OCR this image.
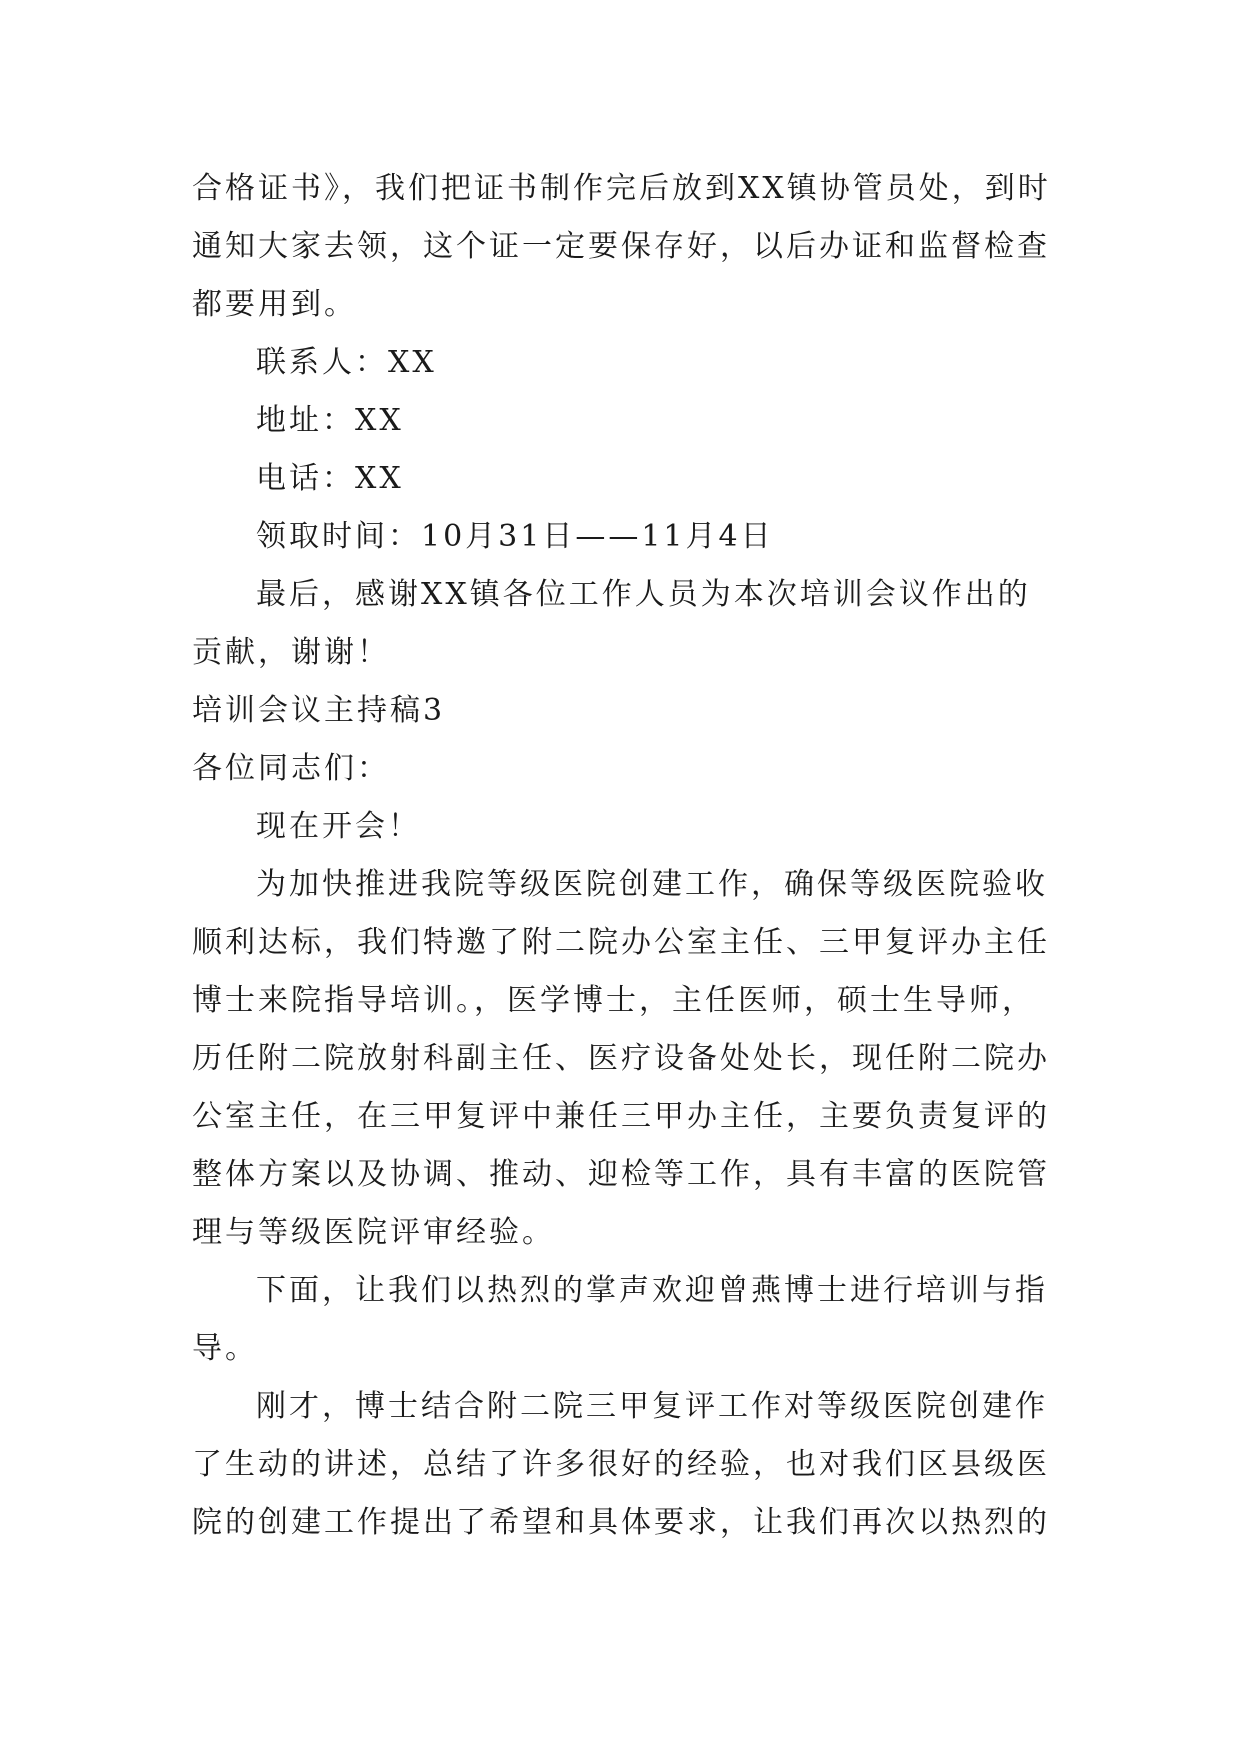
合格证书》，我们把证书制作完后放到XX镇协管员处，到时
通知大家去领，这个证一定要保存好，以后办证和监督检查
都要用到。
联系人：XX
地址：XX
电话：XX
领取时间：10月31日——11月4日
最后，感谢XX镇各位工作人员为本次培训会议作出的
贡献，谢谢！
培训会议主持稿3
各位同志们：
现在开会！
为加快推进我院等级医院创建工作，确保等级医院验收
顺利达标，我们特邀了附二院办公室主任、三甲复评办主任
博士来院指导培训。，医学博士，主任医师，硕士生导师，
历任附二院放射科副主任、医疗设备处处长，现任附二院办
公室主任，在三甲复评中兼任三甲办主任，主要负责复评的
整体方案以及协调、推动、迎检等工作，具有丰富的医院管
理与等级医院评审经验。
下面，让我们以热烈的掌声欢迎曾燕博士进行培训与指
导。
刚才，博士结合附二院三甲复评工作对等级医院创建作
了生动的讲述，总结了许多很好的经验，也对我们区县级医
院的创建工作提出了希望和具体要求，让我们再次以热烈的
